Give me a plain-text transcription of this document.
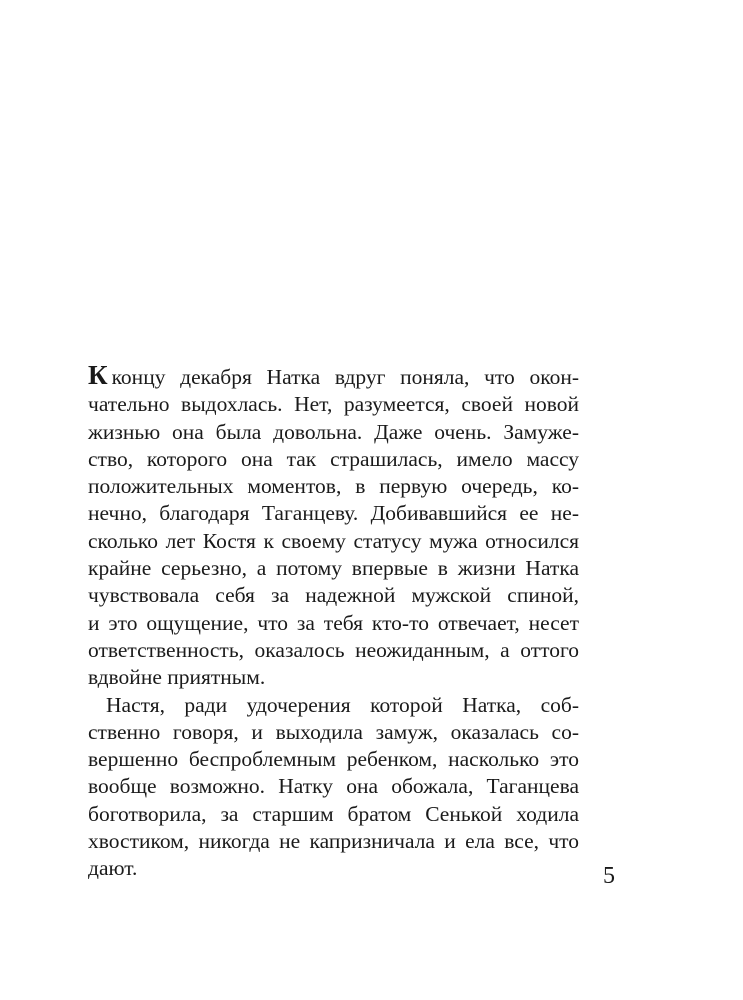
К концу декабря Натка вдруг поняла, что окон-
чательно выдохлась. Нет, разумеется, своей новой
жизнью она была довольна. Даже очень. Замуже-
ство, которого она так страшилась, имело массу
положительных моментов, в первую очередь, ко-
нечно, благодаря Таганцеву. Добивавшийся ее не-
сколько лет Костя к своему статусу мужа относился
крайне серьезно, а потому впервые в жизни Натка
чувствовала себя за надежной мужской спиной,
и это ощущение, что за тебя кто-то отвечает, несет
ответственность, оказалось неожиданным, а оттого
вдвойне приятным.
Настя, ради удочерения которой Натка, соб-
ственно говоря, и выходила замуж, оказалась со-
вершенно беспроблемным ребенком, насколько это
вообще возможно. Натку она обожала, Таганцева
боготворила, за старшим братом Сенькой ходила
хвостиком, никогда не капризничала и ела все, что
дают.	5
